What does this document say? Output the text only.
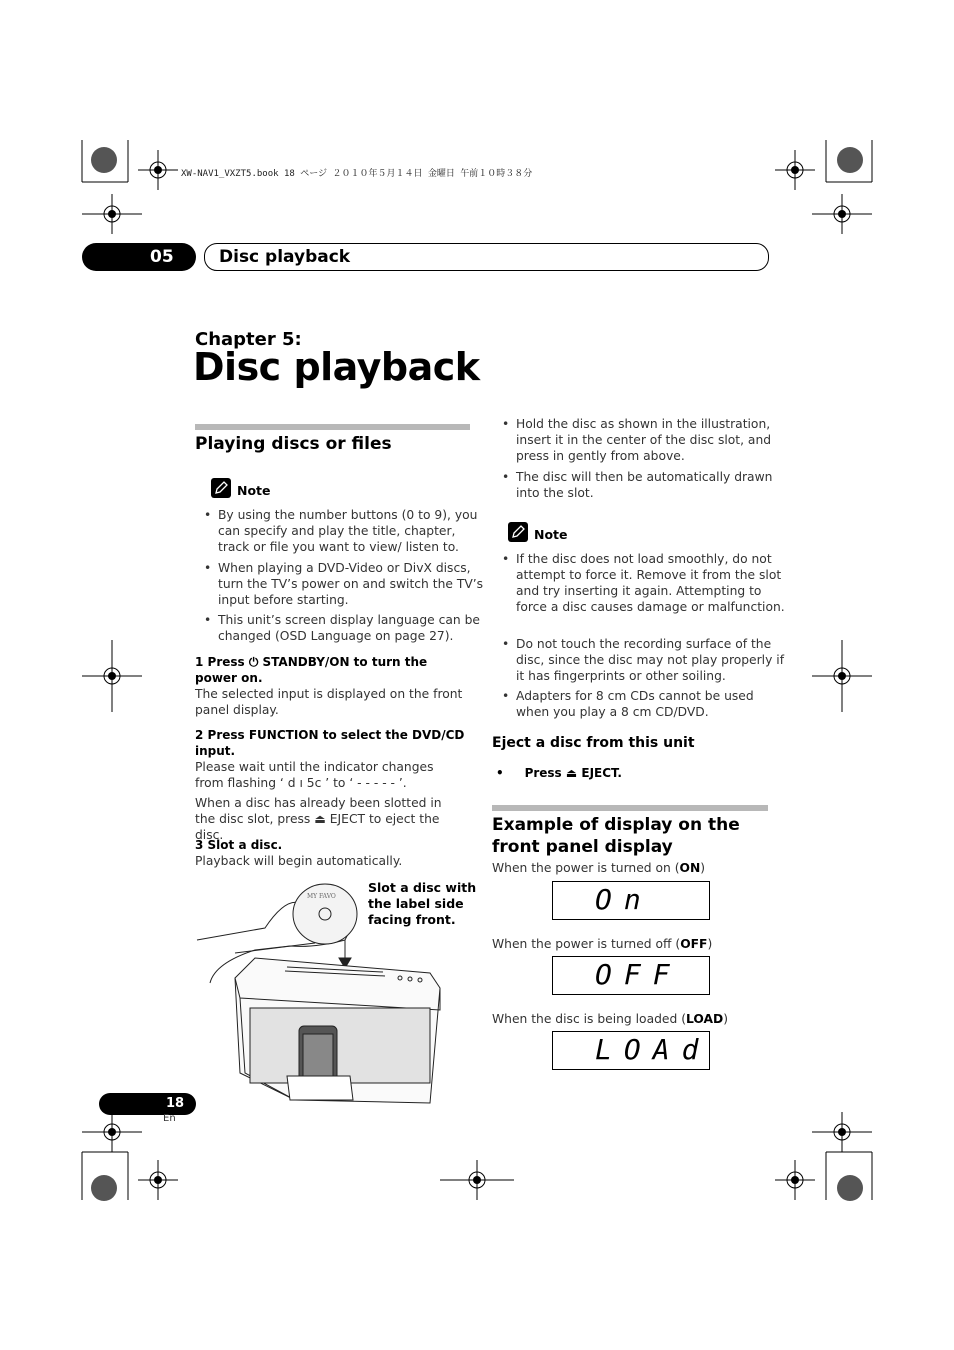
XW-NAV1_VXZT5.book 18 ページ ２０１０年５月１４日 金曜日 午前１０時３８分
05	Disc playback
Chapter 5:
Disc playback
Playing discs or files
Note
• By using the number buttons (0 to 9), you can specify and play the title, chapter, track or file you want to view/ listen to.
• When playing a DVD-Video or DivX discs, turn the TV’s power on and switch the TV’s input before starting.
• This unit’s screen display language can be changed (OSD Language on page 27).
1 Press ⏻ STANDBY/ON to turn the power on.
The selected input is displayed on the front panel display.
2 Press FUNCTION to select the DVD/CD input.
Please wait until the indicator changes from flashing ‘ d ı 5c ’ to ‘ - - - - - ’.
When a disc has already been slotted in the disc slot, press ⏏ EJECT to eject the disc.
3 Slot a disc.
Playback will begin automatically.
MY FAVO
Slot a disc with the label side facing front.
• Hold the disc as shown in the illustration, insert it in the center of the disc slot, and press in gently from above.
• The disc will then be automatically drawn into the slot.
Note
• If the disc does not load smoothly, do not attempt to force it. Remove it from the slot and try inserting it again. Attempting to force a disc causes damage or malfunction.
• Do not touch the recording surface of the disc, since the disc may not play properly if it has fingerprints or other soiling.
• Adapters for 8 cm CDs cannot be used when you play a 8 cm CD/DVD.
Eject a disc from this unit
•     Press ⏏ EJECT.
Example of display on the front panel display
When the power is turned on (ON)
On
When the power is turned off (OFF)
OFF
When the disc is being loaded (LOAD)
LOAd
18
En
